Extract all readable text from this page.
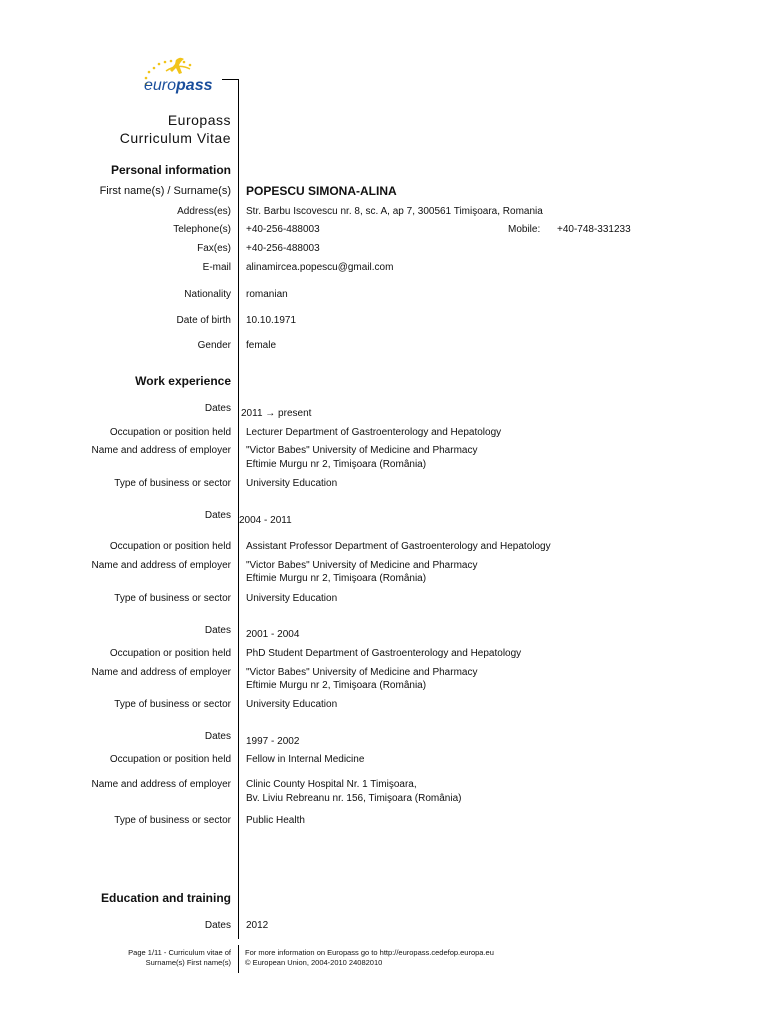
europass
Europass
Curriculum Vitae
Personal information
First name(s) / Surname(s) POPESCU SIMONA-ALINA
Address(es) Str. Barbu Iscovescu nr. 8, sc. A, ap 7, 300561 Timişoara, Romania
Telephone(s) +40-256-488003	Mobile: +40-748-331233
Fax(es) +40-256-488003
E-mail alinamircea.popescu@gmail.com
Nationality romanian
Date of birth 10.10.1971
Gender female
Work experience
Dates 2011 → present
Occupation or position held Lecturer Department of Gastroenterology and Hepatology
Name and address of employer "Victor Babes" University of Medicine and Pharmacy
Eftimie Murgu nr 2, Timişoara (România)
Type of business or sector University Education
Dates 2004 - 2011
Occupation or position held Assistant Professor Department of Gastroenterology and Hepatology
Name and address of employer "Victor Babes" University of Medicine and Pharmacy
Eftimie Murgu nr 2, Timişoara (România)
Type of business or sector University Education
Dates 2001 - 2004
Occupation or position held PhD Student Department of Gastroenterology and Hepatology
Name and address of employer "Victor Babes" University of Medicine and Pharmacy
Eftimie Murgu nr 2, Timişoara (România)
Type of business or sector University Education
Dates 1997 - 2002
Occupation or position held Fellow in Internal Medicine
Name and address of employer Clinic County Hospital Nr. 1 Timişoara,
Bv. Liviu Rebreanu nr. 156, Timişoara (România)
Type of business or sector Public Health
Education and training
Dates 2012
Page 1/11 - Curriculum vitae of
Surname(s) First name(s)
For more information on Europass go to http://europass.cedefop.europa.eu
© European Union, 2004-2010 24082010
